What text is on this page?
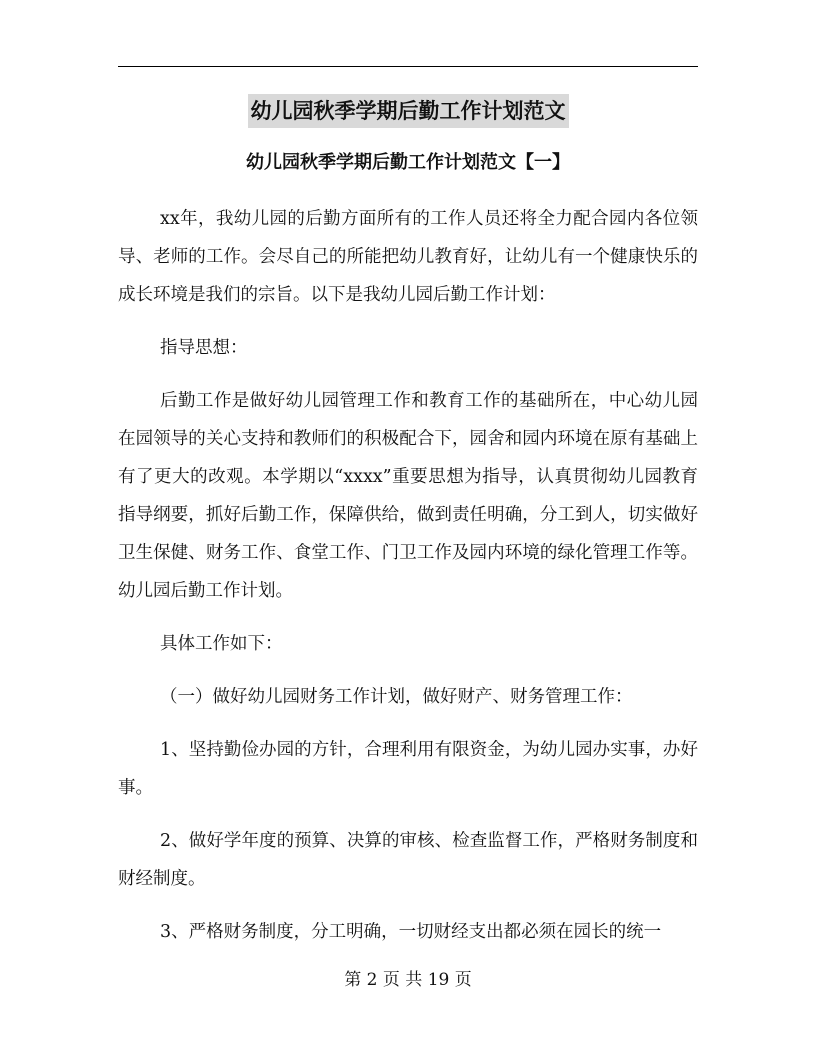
幼儿园秋季学期后勤工作计划范文
幼儿园秋季学期后勤工作计划范文【一】

xx年，我幼儿园的后勤方面所有的工作人员还将全力配合园内各位领导、老师的工作。会尽自己的所能把幼儿教育好，让幼儿有一个健康快乐的成长环境是我们的宗旨。以下是我幼儿园后勤工作计划：

指导思想：

后勤工作是做好幼儿园管理工作和教育工作的基础所在，中心幼儿园在园领导的关心支持和教师们的积极配合下，园舍和园内环境在原有基础上有了更大的改观。本学期以“xxxx”重要思想为指导，认真贯彻幼儿园教育指导纲要，抓好后勤工作，保障供给，做到责任明确，分工到人，切实做好卫生保健、财务工作、食堂工作、门卫工作及园内环境的绿化管理工作等。幼儿园后勤工作计划。

具体工作如下：

（一）做好幼儿园财务工作计划，做好财产、财务管理工作：

1、坚持勤俭办园的方针，合理利用有限资金，为幼儿园办实事，办好事。

2、做好学年度的预算、决算的审核、检查监督工作，严格财务制度和财经制度。

3、严格财务制度，分工明确，一切财经支出都必须在园长的统一

第 2 页 共 19 页
